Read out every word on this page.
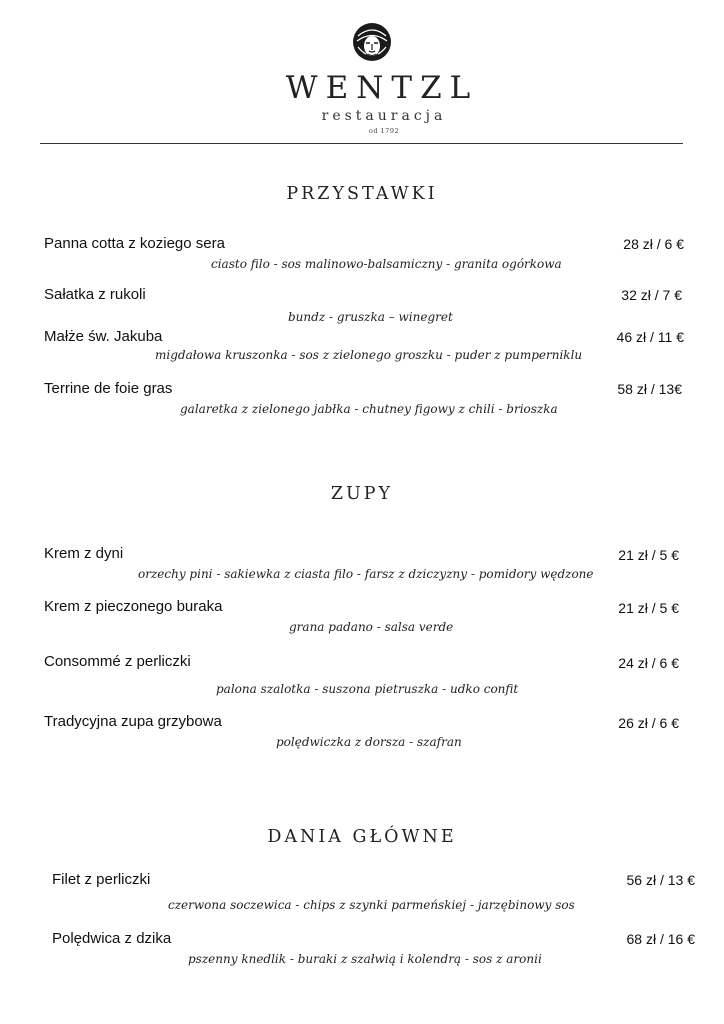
WENTZL
restauracja
od 1792
PRZYSTAWKI
Panna cotta z koziego sera	28 zł / 6 €
ciasto filo - sos malinowo-balsamiczny - granita ogórkowa
Sałatka z rukoli	32 zł / 7 €
bundz - gruszka – winegret
Małże św. Jakuba	46 zł / 11 €
migdałowa kruszonka - sos z zielonego groszku - puder z pumperniklu
Terrine de foie gras	58 zł / 13€
galaretka z zielonego jabłka - chutney figowy z chili - brioszka
ZUPY
Krem z dyni	21 zł / 5 €
orzechy pini - sakiewka z ciasta filo - farsz z dziczyzny - pomidory wędzone
Krem z pieczonego buraka	21 zł / 5 €
grana padano - salsa verde
Consommé z perliczki	24 zł / 6 €
palona szalotka - suszona pietruszka - udko confit
Tradycyjna zupa grzybowa	26 zł / 6 €
polędwiczka z dorsza - szafran
DANIA GŁÓWNE
Filet z perliczki	56 zł / 13 €
czerwona soczewica - chips z szynki parmeńskiej - jarzębinowy sos
Polędwica z dzika	68 zł / 16 €
pszenny knedlik - buraki z szałwią i kolendrą - sos z aronii
